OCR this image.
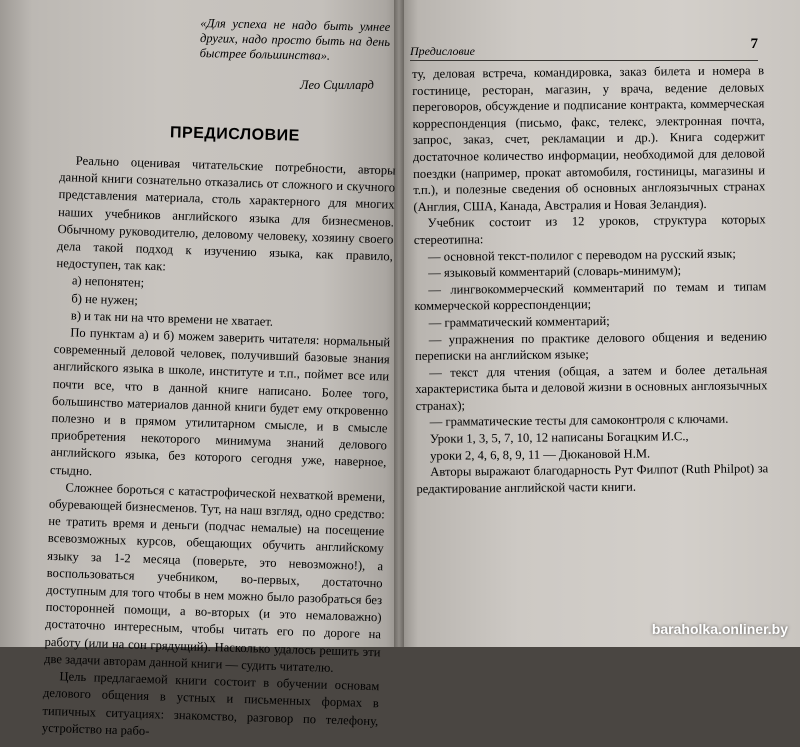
«Для успеха не надо быть умнее других, надо просто быть на день быстрее большинства».
Лео Сциллард
ПРЕДИСЛОВИЕ

Реально оценивая читательские потребности, авторы данной книги сознательно отказались от сложного и скучного представления материала, столь характерного для многих наших учебников английского языка для бизнесменов. Обычному руководителю, деловому человеку, хозяину своего дела такой подход к изучению языка, как правило, недоступен, так как:

а) непонятен;

б) не нужен;

в) и так ни на что времени не хватает.

По пунктам а) и б) можем заверить читателя: нормальный современный деловой человек, получивший базовые знания английского языка в школе, институте и т.п., поймет все или почти все, что в данной книге написано. Более того, большинство материалов данной книги будет ему откровенно полезно и в прямом утилитарном смысле, и в смысле приобретения некоторого минимума знаний делового английского языка, без которого сегодня уже, наверное, стыдно.

Сложнее бороться с катастрофической нехваткой времени, обуревающей бизнесменов. Тут, на наш взгляд, одно средство: не тратить время и деньги (подчас немалые) на посещение всевозможных курсов, обещающих обучить английскому языку за 1-2 месяца (поверьте, это невозможно!), а воспользоваться учебником, во-первых, достаточно доступным для того чтобы в нем можно было разобраться без посторонней помощи, а во-вторых (и это немаловажно) достаточно интересным, чтобы читать его по дороге на работу (или на сон грядущий). Насколько удалось решить эти две задачи авторам данной книги — судить читателю.

Цель предлагаемой книги состоит в обучении основам делового общения в устных и письменных формах в типичных ситуациях: знакомство, разговор по телефону, устройство на рабо-

Предисловие	7

ту, деловая встреча, командировка, заказ билета и номера в гостинице, ресторан, магазин, у врача, ведение деловых переговоров, обсуждение и подписание контракта, коммерческая корреспонденция (письмо, факс, телекс, электронная почта, запрос, заказ, счет, рекламации и др.). Книга содержит достаточное количество информации, необходимой для деловой поездки (например, прокат автомобиля, гостиницы, магазины и т.п.), и полезные сведения об основных англоязычных странах (Англия, США, Канада, Австралия и Новая Зеландия).

Учебник состоит из 12 уроков, структура которых стереотипна:

— основной текст-полилог с переводом на русский язык;

— языковый комментарий (словарь-минимум);

— лингвокоммерческий комментарий по темам и типам коммерческой корреспонденции;

— грамматический комментарий;

— упражнения по практике делового общения и ведению переписки на английском языке;

— текст для чтения (общая, а затем и более детальная характеристика быта и деловой жизни в основных англоязычных странах);

— грамматические тесты для самоконтроля с ключами.

Уроки 1, 3, 5, 7, 10, 12 написаны Богацким И.С.,

уроки 2, 4, 6, 8, 9, 11 — Дюкановой Н.М.

Авторы выражают благодарность Рут Филпот (Ruth Philpot) за редактирование английской части книги.

baraholka.onliner.by
